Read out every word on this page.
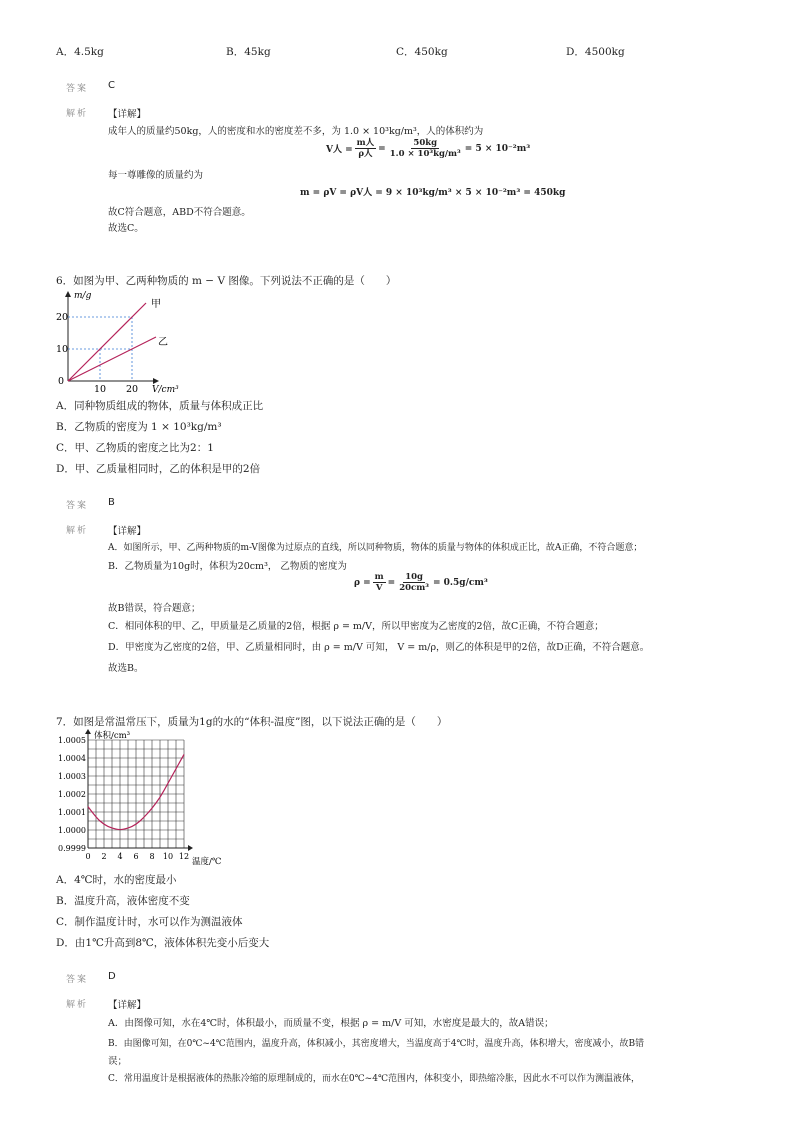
A．4.5kg	B．45kg	C．450kg	D．4500kg
答案 C
解析 【详解】
成年人的质量约50kg，人的密度和水的密度差不多，为 1.0 × 10³kg/m³，人的体积约为
V人 = $\frac{\text{m人}}{\text{ρ人}} = \frac{50kg}{\text{1.0 × 10³kg/m³}} = 5 \times 10^{-2}m^3$
每一尊雕像的质量约为
m = ρV = ρV人 = 9 × 10³kg/m³ × 5 × 10⁻²m³ = 450kg
故C符合题意，ABD不符合题意。
故选C。
6．如图为甲、乙两种物质的 m − V 图像。下列说法不正确的是（　　）
m/g
甲
乙
20
10
0
10 20 V/cm³
A．同种物质组成的物体，质量与体积成正比
B．乙物质的密度为 1 × 10³kg/m³
C．甲、乙物质的密度之比为2：1
D．甲、乙质量相同时，乙的体积是甲的2倍
答案 B
解析 【详解】
A．如图所示，甲、乙两种物质的m-V图像为过原点的直线，所以同种物质，物体的质量与物体的体积成正比，故A正确，不符合题意；
B．乙物质量为10g时，体积为20cm³， 乙物质的密度为
$\rho = \frac{m}{V} = \frac{10g}{\text{20cm³}} = 0.5g/cm^3$
故B错误，符合题意；
C．相同体积的甲、乙，甲质量是乙质量的2倍，根据 ρ = m/V，所以甲密度为乙密度的2倍，故C正确，不符合题意；
D．甲密度为乙密度的2倍，甲、乙质量相同时，由 ρ = m/V 可知， V = m/ρ，则乙的体积是甲的2倍，故D正确，不符合题意。
故选B。
7．如图是常温常压下，质量为1g的水的“体积-温度”图，以下说法正确的是（　　）
1.0005
1.0004
1.0003
1.0002
1.0001
1.0000
0.9999
0 2 4 6 8 10 12
体积/cm³
温度/℃
A．4℃时，水的密度最小
B．温度升高，液体密度不变
C．制作温度计时，水可以作为测温液体
D．由1℃升高到8℃，液体体积先变小后变大
答案 D
解析 【详解】
A．由图像可知，水在4℃时，体积最小，而质量不变，根据 ρ = m/V 可知，水密度是最大的，故A错误；
B．由图像可知，在0℃~4℃范围内，温度升高，体积减小，其密度增大，当温度高于4℃时，温度升高，体积增大，密度减小，故B错
误；
C．常用温度计是根据液体的热胀冷缩的原理制成的，而水在0℃~4℃范围内，体积变小，即热缩冷胀，因此水不可以作为测温液体，
